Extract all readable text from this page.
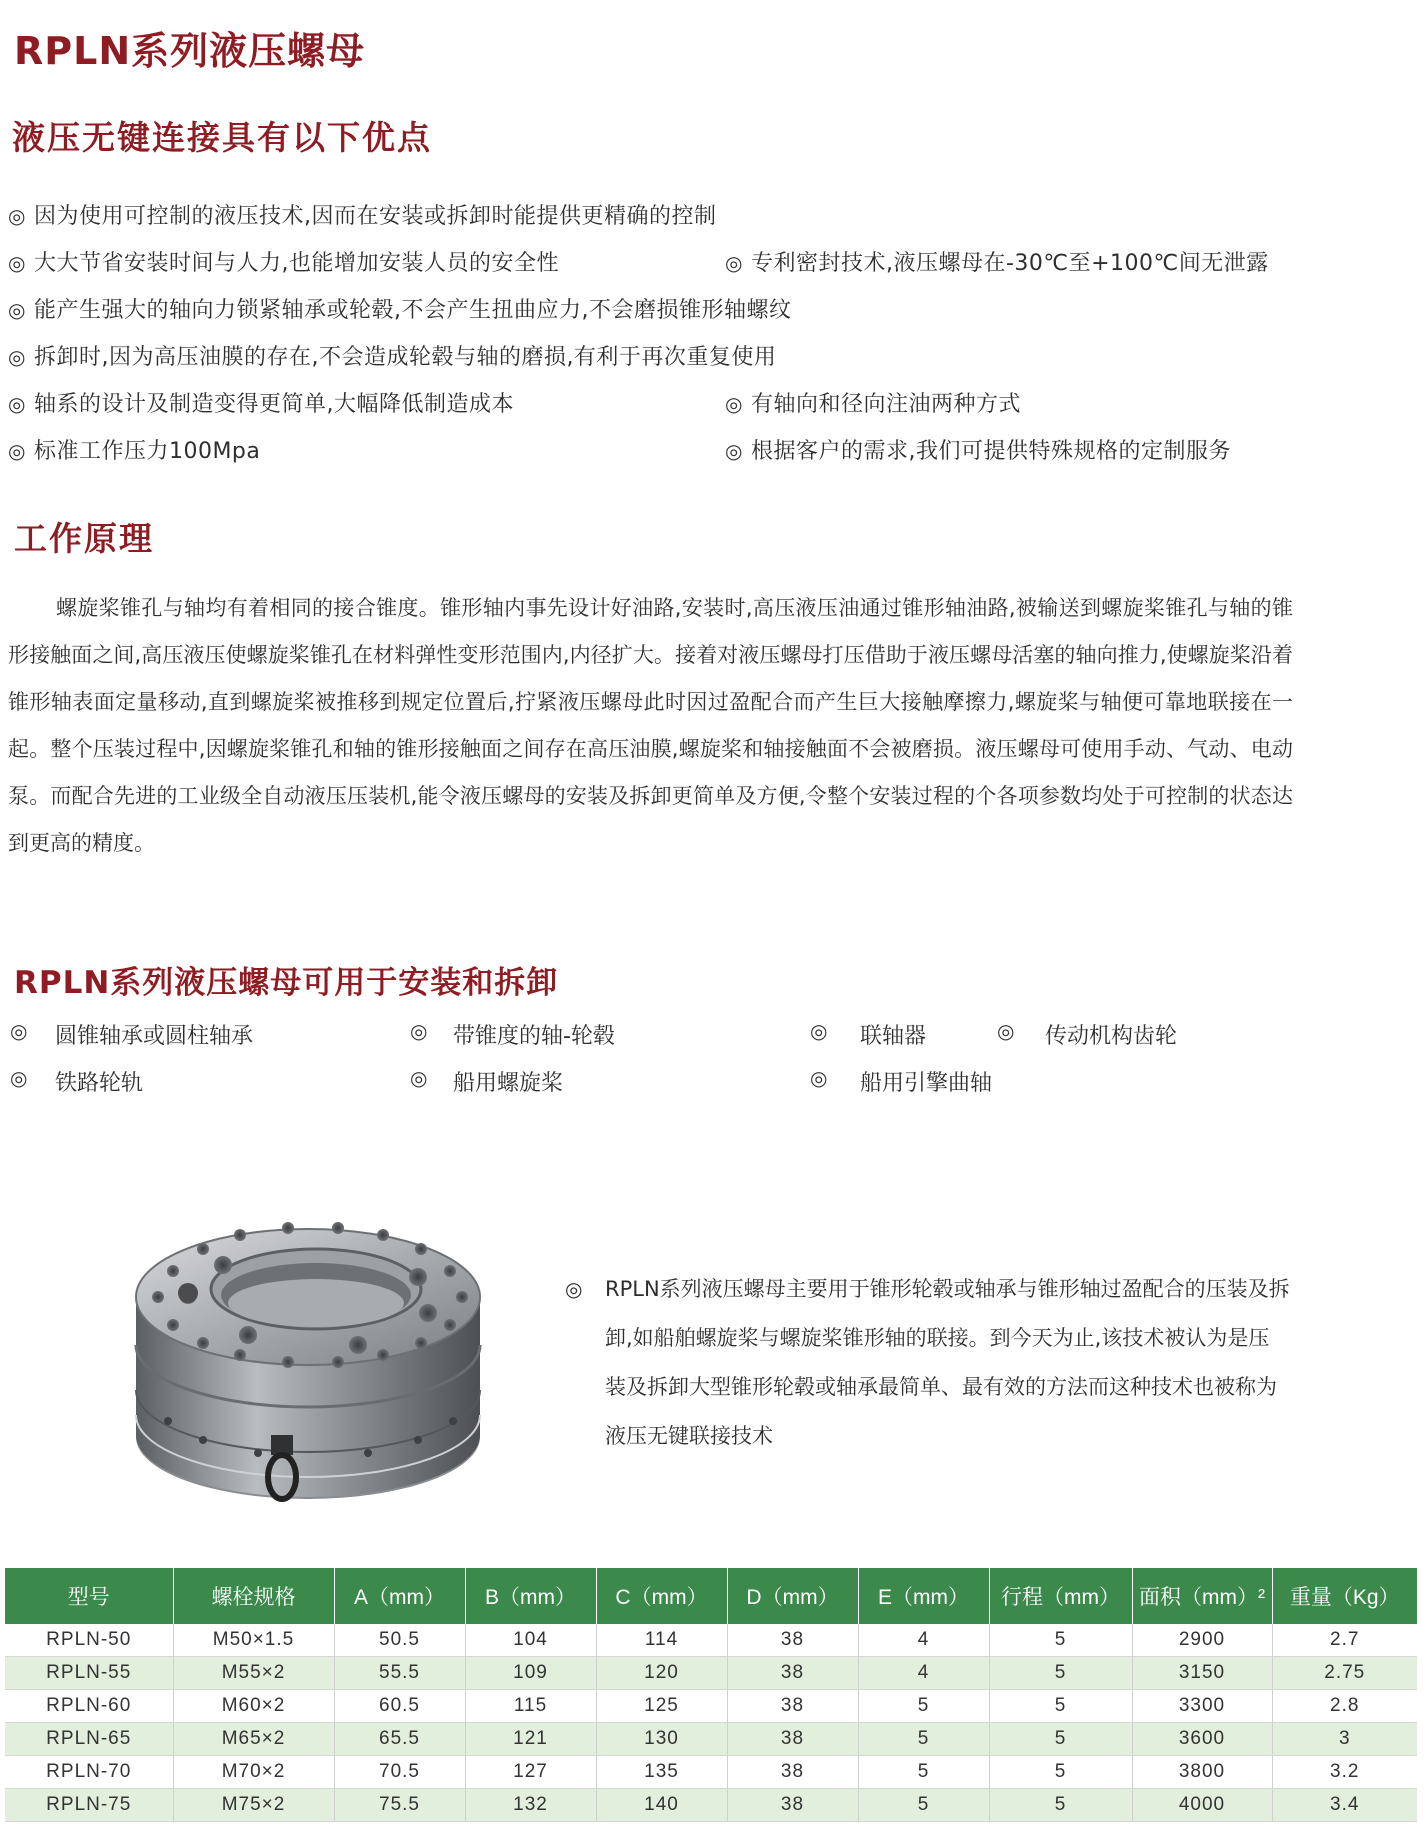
RPLN系列液压螺母
液压无键连接具有以下优点
◎ 因为使用可控制的液压技术,因而在安装或拆卸时能提供更精确的控制
◎ 大大节省安装时间与人力,也能增加安装人员的安全性	◎ 专利密封技术,液压螺母在-30℃至+100℃间无泄露
◎ 能产生强大的轴向力锁紧轴承或轮毂,不会产生扭曲应力,不会磨损锥形轴螺纹
◎ 拆卸时,因为高压油膜的存在,不会造成轮毂与轴的磨损,有利于再次重复使用
◎ 轴系的设计及制造变得更简单,大幅降低制造成本	◎ 有轴向和径向注油两种方式
◎ 标准工作压力100Mpa	◎ 根据客户的需求,我们可提供特殊规格的定制服务
工作原理

螺旋桨锥孔与轴均有着相同的接合锥度。锥形轴内事先设计好油路,安装时,高压液压油通过锥形轴油路,被输送到螺旋桨锥孔与轴的锥形接触面之间,高压液压使螺旋桨锥孔在材料弹性变形范围内,内径扩大。接着对液压螺母打压借助于液压螺母活塞的轴向推力,使螺旋桨沿着锥形轴表面定量移动,直到螺旋桨被推移到规定位置后,拧紧液压螺母此时因过盈配合而产生巨大接触摩擦力,螺旋桨与轴便可靠地联接在一起。整个压装过程中,因螺旋桨锥孔和轴的锥形接触面之间存在高压油膜,螺旋桨和轴接触面不会被磨损。液压螺母可使用手动、气动、电动泵。而配合先进的工业级全自动液压压装机,能令液压螺母的安装及拆卸更简单及方便,令整个安装过程的个各项参数均处于可控制的状态达到更高的精度。

RPLN系列液压螺母可用于安装和拆卸
◎ 圆锥轴承或圆柱轴承	◎ 带锥度的轴-轮毂	◎ 联轴器	◎ 传动机构齿轮
◎ 铁路轮轨	◎ 船用螺旋桨	◎ 船用引擎曲轴
◎ RPLN系列液压螺母主要用于锥形轮毂或轴承与锥形轴过盈配合的压装及拆卸,如船舶螺旋桨与螺旋桨锥形轴的联接。到今天为止,该技术被认为是压装及拆卸大型锥形轮毂或轴承最简单、最有效的方法而这种技术也被称为液压无键联接技术

型号	螺栓规格	A（mm）	B（mm）	C（mm）	D（mm）	E（mm）	行程（mm）	面积（mm）²	重量（Kg）
RPLN-50	M50×1.5	50.5	104	114	38	4	5	2900	2.7
RPLN-55	M55×2	55.5	109	120	38	4	5	3150	2.75
RPLN-60	M60×2	60.5	115	125	38	5	5	3300	2.8
RPLN-65	M65×2	65.5	121	130	38	5	5	3600	3
RPLN-70	M70×2	70.5	127	135	38	5	5	3800	3.2
RPLN-75	M75×2	75.5	132	140	38	5	5	4000	3.4
